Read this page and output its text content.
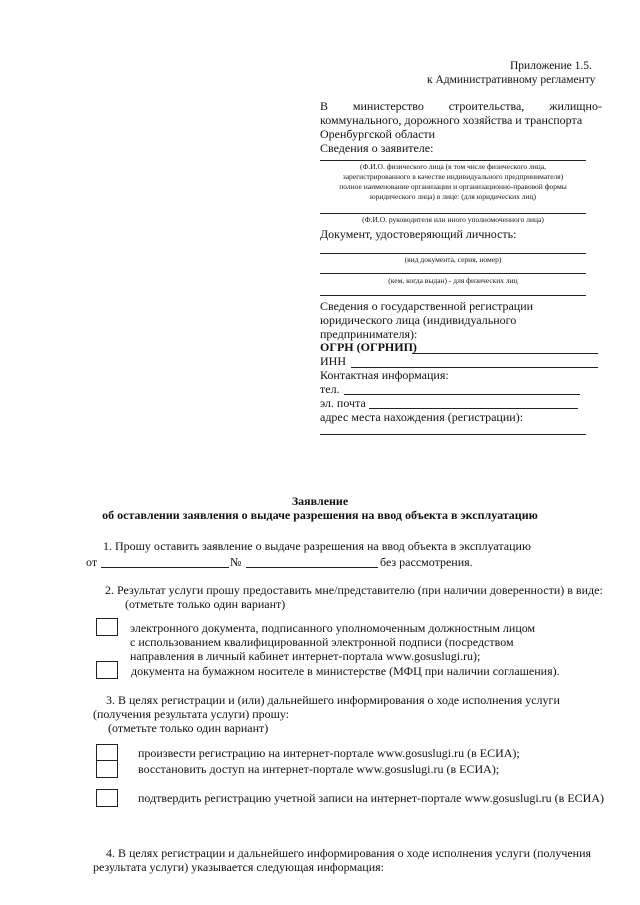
Приложение 1.5.
к Административному регламенту
В министерство строительства, жилищно-
коммунального, дорожного хозяйства и транспорта
Оренбургской области
Сведения о заявителе:
(Ф.И.О. физического лица (в том числе физического лица,
зарегистрированного в качестве индивидуального предпринимателя)
полное наименование организации и организационно-правовой формы
юридического лица) в лице: (для юридических лиц)
(Ф.И.О. руководителя или иного уполномоченного лица)
Документ, удостоверяющий личность:
(вид документа, серия, номер)
(кем, когда выдан) - для физических лиц
Сведения о государственной регистрации
юридического лица (индивидуального
предпринимателя):
ОГРН (ОГРНИП)
ИНН
Контактная информация:
тел.
эл. почта
адрес места нахождения (регистрации):
Заявление
об оставлении заявления о выдаче разрешения на ввод объекта в эксплуатацию
1. Прошу оставить заявление о выдаче разрешения на ввод объекта в эксплуатацию
от	№	без рассмотрения.
2. Результат услуги прошу предоставить мне/представителю (при наличии доверенности) в виде:
(отметьте только один вариант)
электронного документа, подписанного уполномоченным должностным лицом
с использованием квалифицированной электронной подписи (посредством
направления в личный кабинет интернет-портала www.gosuslugi.ru);
документа на бумажном носителе в министерстве (МФЦ при наличии соглашения).
3. В целях регистрации и (или) дальнейшего информирования о ходе исполнения услуги
(получения результата услуги) прошу:
(отметьте только один вариант)
произвести регистрацию на интернет-портале www.gosuslugi.ru (в ЕСИА);
восстановить доступ на интернет-портале www.gosuslugi.ru (в ЕСИА);
подтвердить регистрацию учетной записи на интернет-портале www.gosuslugi.ru (в ЕСИА)
4. В целях регистрации и дальнейшего информирования о ходе исполнения услуги (получения
результата услуги) указывается следующая информация:
